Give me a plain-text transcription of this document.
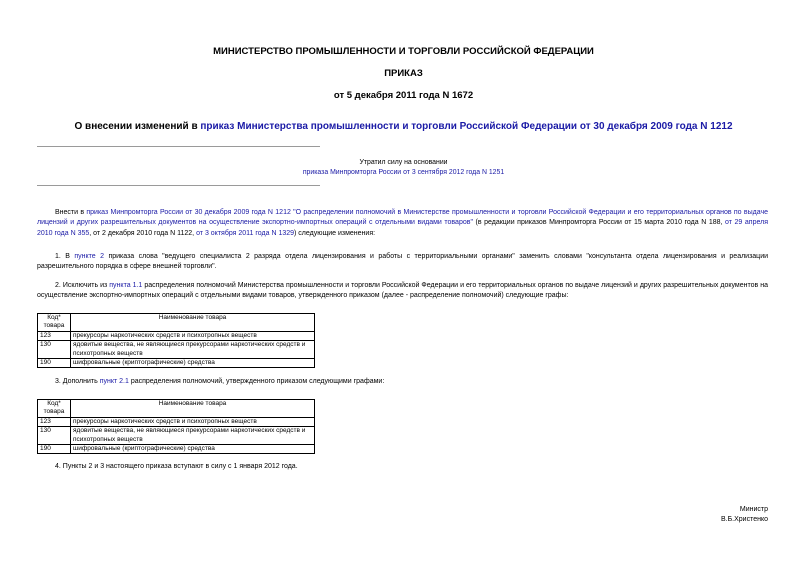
МИНИСТЕРСТВО ПРОМЫШЛЕННОСТИ И ТОРГОВЛИ РОССИЙСКОЙ ФЕДЕРАЦИИ
ПРИКАЗ
от 5 декабря 2011 года N 1672
О внесении изменений в приказ Министерства промышленности и торговли Российской Федерации от 30 декабря 2009 года N 1212
Утратил силу на основании
приказа Минпромторга России от 3 сентября 2012 года N 1251
Внести в приказ Минпромторга России от 30 декабря 2009 года N 1212 "О распределении полномочий в Министерстве промышленности и торговли Российской Федерации и его территориальных органов по выдаче лицензий и других разрешительных документов на осуществление экспортно-импортных операций с отдельными видами товаров" (в редакции приказов Минпромторга России от 15 марта 2010 года N 188, от 29 апреля 2010 года N 355, от 2 декабря 2010 года N 1122, от 3 октября 2011 года N 1329) следующие изменения:
1. В пункте 2 приказа слова "ведущего специалиста 2 разряда отдела лицензирования и работы с территориальными органами" заменить словами "консультанта отдела лицензирования и реализации разрешительного порядка в сфере внешней торговли".
2. Исключить из пункта 1.1 распределения полномочий Министерства промышленности и торговли Российской Федерации и его территориальных органов по выдаче лицензий и других разрешительных документов на осуществление экспортно-импортных операций с отдельными видами товаров, утвержденного приказом (далее - распределение полномочий) следующие графы:
Код* товара	Наименование товара
123	прекурсоры наркотических средств и психотропных веществ
130	ядовитые вещества, не являющиеся прекурсорами наркотических средств и психотропных веществ
190	шифровальные (криптографические) средства
3. Дополнить пункт 2.1 распределения полномочий, утвержденного приказом следующими графами:
Код* товара	Наименование товара
123	прекурсоры наркотических средств и психотропных веществ
130	ядовитые вещества, не являющиеся прекурсорами наркотических средств и психотропных веществ
190	шифровальные (криптографические) средства
4. Пункты 2 и 3 настоящего приказа вступают в силу с 1 января 2012 года.
Министр
В.Б.Христенко
